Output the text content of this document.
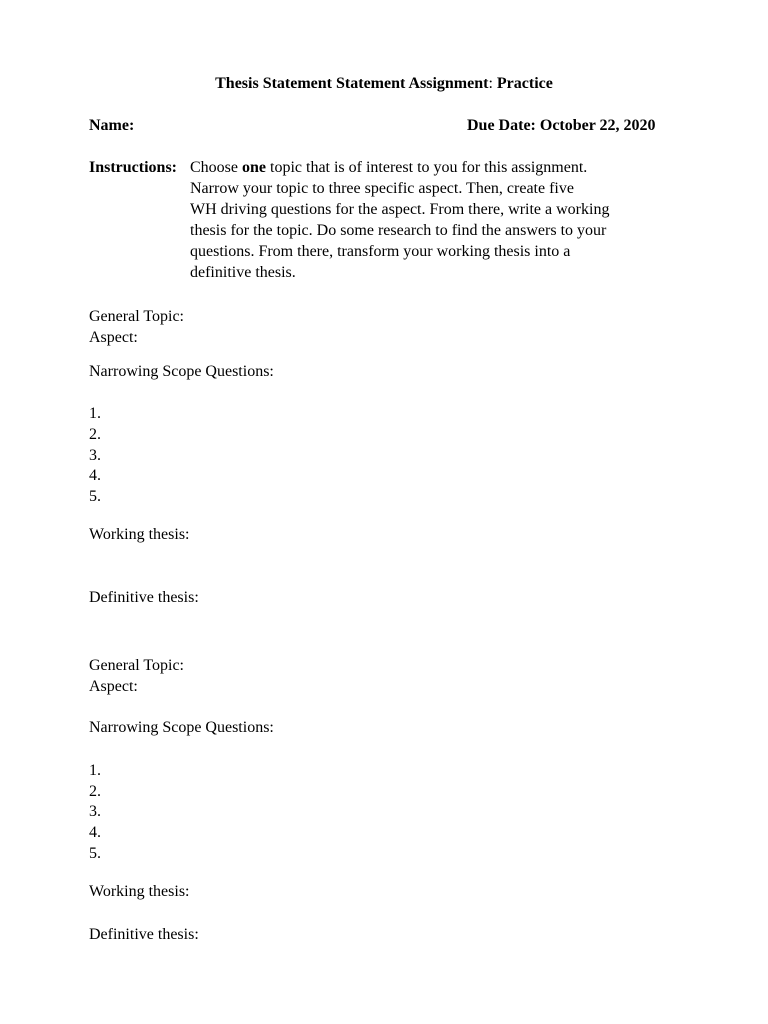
Thesis Statement Statement Assignment: Practice
Name:	Due Date: October 22, 2020
Instructions: Choose one topic that is of interest to you for this assignment.
Narrow your topic to three specific aspect. Then, create five
WH driving questions for the aspect. From there, write a working
thesis for the topic. Do some research to find the answers to your
questions. From there, transform your working thesis into a
definitive thesis.
General Topic:
Aspect:
Narrowing Scope Questions:
1.
2.
3.
4.
5.
Working thesis:
Definitive thesis:
General Topic:
Aspect:
Narrowing Scope Questions:
1.
2.
3.
4.
5.
Working thesis:
Definitive thesis:
